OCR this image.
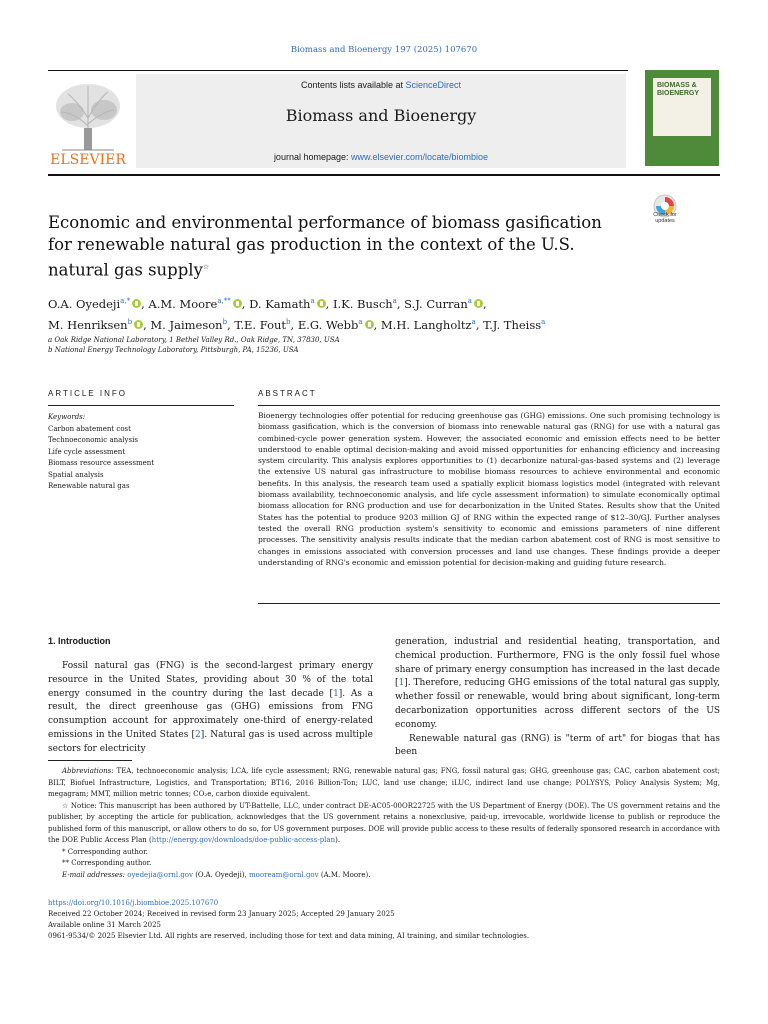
Biomass and Bioenergy 197 (2025) 107670
ELSEVIER
Contents lists available at ScienceDirect
Biomass and Bioenergy
journal homepage: www.elsevier.com/locate/biombioe
BIOMASS & BIOENERGY
Economic and environmental performance of biomass gasification for renewable natural gas production in the context of the U.S. natural gas supply☆
Check for updates
O.A. Oyedeji$^{a,*}$ , A.M. Moore$^{a,**}$ , D. Kamath$^a$ , I.K. Busch$^a$, S.J. Curran$^a$ ,
M. Henriksen$^b$ , M. Jaimeson$^b$, T.E. Fout$^b$, E.G. Webb$^a$ , M.H. Langholtz$^a$, T.J. Theiss$^a$
a Oak Ridge National Laboratory, 1 Bethel Valley Rd., Oak Ridge, TN, 37830, USA
b National Energy Technology Laboratory, Pittsburgh, PA, 15236, USA
ARTICLE INFO	ABSTRACT
Keywords:
Carbon abatement cost
Technoeconomic analysis
Life cycle assessment
Biomass resource assessment
Spatial analysis
Renewable natural gas
Bioenergy technologies offer potential for reducing greenhouse gas (GHG) emissions. One such promising technology is biomass gasification, which is the conversion of biomass into renewable natural gas (RNG) for use with a natural gas combined-cycle power generation system. However, the associated economic and emission effects need to be better understood to enable optimal decision-making and avoid missed opportunities for enhancing efficiency and increasing system circularity. This analysis explores opportunities to (1) decarbonize natural-gas-based systems and (2) leverage the extensive US natural gas infrastructure to mobilise biomass resources to achieve environmental and economic benefits. In this analysis, the research team used a spatially explicit biomass logistics model (integrated with relevant biomass availability, technoeconomic analysis, and life cycle assessment information) to simulate economically optimal biomass allocation for RNG production and use for decarbonization in the United States. Results show that the United States has the potential to produce 9203 million GJ of RNG within the expected range of $12–30/GJ. Further analyses tested the overall RNG production system's sensitivity to economic and emissions parameters of nine different processes. The sensitivity analysis results indicate that the median carbon abatement cost of RNG is most sensitive to changes in emissions associated with conversion processes and land use changes. These findings provide a deeper understanding of RNG's economic and emission potential for decision-making and guiding future research.
1. Introduction

Fossil natural gas (FNG) is the second-largest primary energy resource in the United States, providing about 30 % of the total energy consumed in the country during the last decade [1]. As a result, the direct greenhouse gas (GHG) emissions from FNG consumption account for approximately one-third of energy-related emissions in the United States [2]. Natural gas is used across multiple sectors for electricity

generation, industrial and residential heating, transportation, and chemical production. Furthermore, FNG is the only fossil fuel whose share of primary energy consumption has increased in the last decade [1]. Therefore, reducing GHG emissions of the total natural gas supply, whether fossil or renewable, would bring about significant, long-term decarbonization opportunities across different sectors of the US economy.

Renewable natural gas (RNG) is "term of art" for biogas that has been

Abbreviations: TEA, technoeconomic analysis; LCA, life cycle assessment; RNG, renewable natural gas; FNG, fossil natural gas; GHG, greenhouse gas; CAC, carbon abatement cost; BILT, Biofuel Infrastructure, Logistics, and Transportation; BT16, 2016 Billion-Ton; LUC, land use change; iLUC, indirect land use change; POLYSYS, Policy Analysis System; Mg, megagram; MMT, million metric tonnes; CO₂e, carbon dioxide equivalent.

☆ Notice: This manuscript has been authored by UT-Battelle, LLC, under contract DE-AC05-00OR22725 with the US Department of Energy (DOE). The US government retains and the publisher, by accepting the article for publication, acknowledges that the US government retains a nonexclusive, paid-up, irrevocable, worldwide license to publish or reproduce the published form of this manuscript, or allow others to do so, for US government purposes. DOE will provide public access to these results of federally sponsored research in accordance with the DOE Public Access Plan (http://energy.gov/downloads/doe-public-access-plan).

* Corresponding author.

** Corresponding author.

E-mail addresses: oyedejia@ornl.gov (O.A. Oyedeji), mooream@ornl.gov (A.M. Moore).

https://doi.org/10.1016/j.biombioe.2025.107670
Received 22 October 2024; Received in revised form 23 January 2025; Accepted 29 January 2025
Available online 31 March 2025
0961-9534/© 2025 Elsevier Ltd. All rights are reserved, including those for text and data mining, AI training, and similar technologies.
